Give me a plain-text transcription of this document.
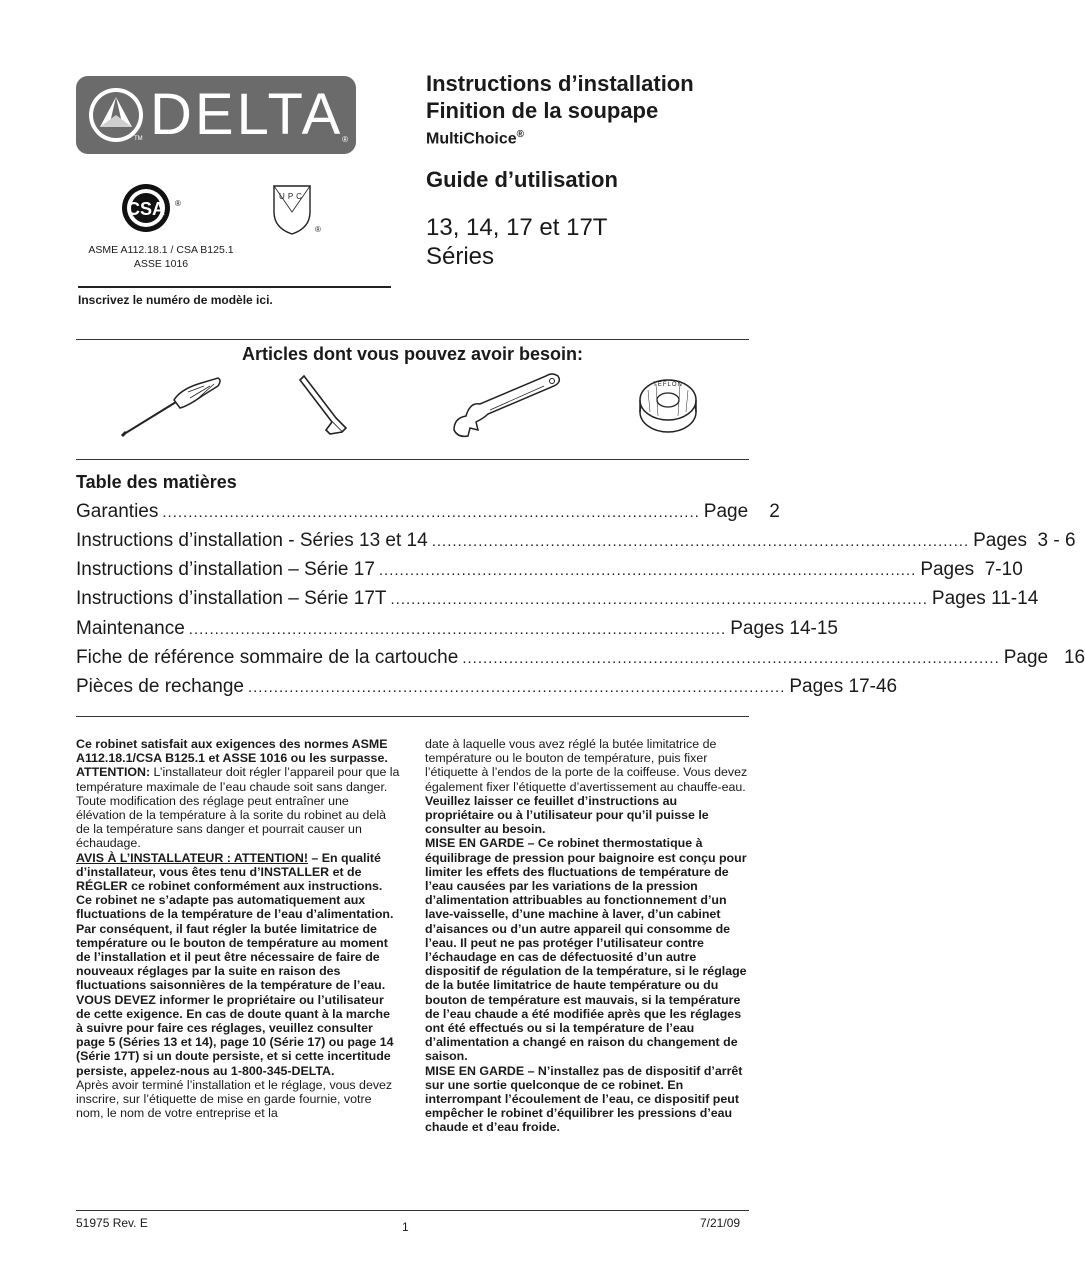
TM DELTA
®
CSA ®
UPC
®
ASME A112.18.1 / CSA B125.1
ASSE 1016
Inscrivez le numéro de modèle ici.
Instructions d’installation
Finition de la soupape
MultiChoice®
Guide d’utilisation
13, 14, 17 et 17T
Séries
Articles dont vous pouvez avoir besoin:
TEFLON
Table des matières
Garanties ........................................................................................................ Page    2
Instructions d’installation - Séries 13 et 14 ........................................................................................................ Pages  3 - 6
Instructions d’installation – Série 17 ........................................................................................................ Pages  7-10
Instructions d’installation – Série 17T ........................................................................................................ Pages 11-14
Maintenance ........................................................................................................ Pages 14-15
Fiche de référence sommaire de la cartouche ........................................................................................................ Page   16
Pièces de rechange ........................................................................................................ Pages 17-46

Ce robinet satisfait aux exigences des normes ASME A112.18.1/CSA B125.1 et ASSE 1016 ou les surpasse.

ATTENTION: L’installateur doit régler l’appareil pour que la température maximale de l’eau chaude soit sans danger. Toute modification des réglage peut entraîner une élévation de la température à la sorite du robinet au delà de la température sans danger et pourrait causer un échaudage.

AVIS À L’INSTALLATEUR : ATTENTION! – En qualité d’installateur, vous êtes tenu d’INSTALLER et de RÉGLER ce robinet conformément aux instructions. Ce robinet ne s’adapte pas automatiquement aux fluctuations de la température de l’eau d’alimentation. Par conséquent, il faut régler la butée limitatrice de température ou le bouton de température au moment de l’installation et il peut être nécessaire de faire de nouveaux réglages par la suite en raison des fluctuations saisonnières de la température de l’eau. VOUS DEVEZ informer le propriétaire ou l’utilisateur de cette exigence. En cas de doute quant à la marche à suivre pour faire ces réglages, veuillez consulter page 5 (Séries 13 et 14), page 10 (Série 17) ou page 14 (Série 17T) si un doute persiste, et si cette incertitude persiste, appelez-nous au 1-800-345-DELTA.

Après avoir terminé l’installation et le réglage, vous devez inscrire, sur l’étiquette de mise en garde fournie, votre nom, le nom de votre entreprise et la

date à laquelle vous avez réglé la butée limitatrice de température ou le bouton de température, puis fixer l’étiquette à l’endos de la porte de la coiffeuse. Vous devez également fixer l’étiquette d’avertissement au chauffe-eau. Veuillez laisser ce feuillet d’instructions au propriétaire ou à l’utilisateur pour qu’il puisse le consulter au besoin.

MISE EN GARDE – Ce robinet thermostatique à équilibrage de pression pour baignoire est conçu pour limiter les effets des fluctuations de température de l’eau causées par les variations de la pression d’alimentation attribuables au fonctionnement d’un lave-vaisselle, d’une machine à laver, d’un cabinet d’aisances ou d’un autre appareil qui consomme de l’eau. Il peut ne pas protéger l’utilisateur contre l’échaudage en cas de défectuosité d’un autre dispositif de régulation de la température, si le réglage de la butée limitatrice de haute température ou du bouton de température est mauvais, si la température de l’eau chaude a été modifiée après que les réglages ont été effectués ou si la température de l’eau d’alimentation a changé en raison du changement de saison.

MISE EN GARDE – N’installez pas de dispositif d’arrêt sur une sortie quelconque de ce robinet. En interrompant l’écoulement de l’eau, ce dispositif peut empêcher le robinet d’équilibrer les pressions d’eau chaude et d’eau froide.

51975 Rev. E	1	7/21/09
